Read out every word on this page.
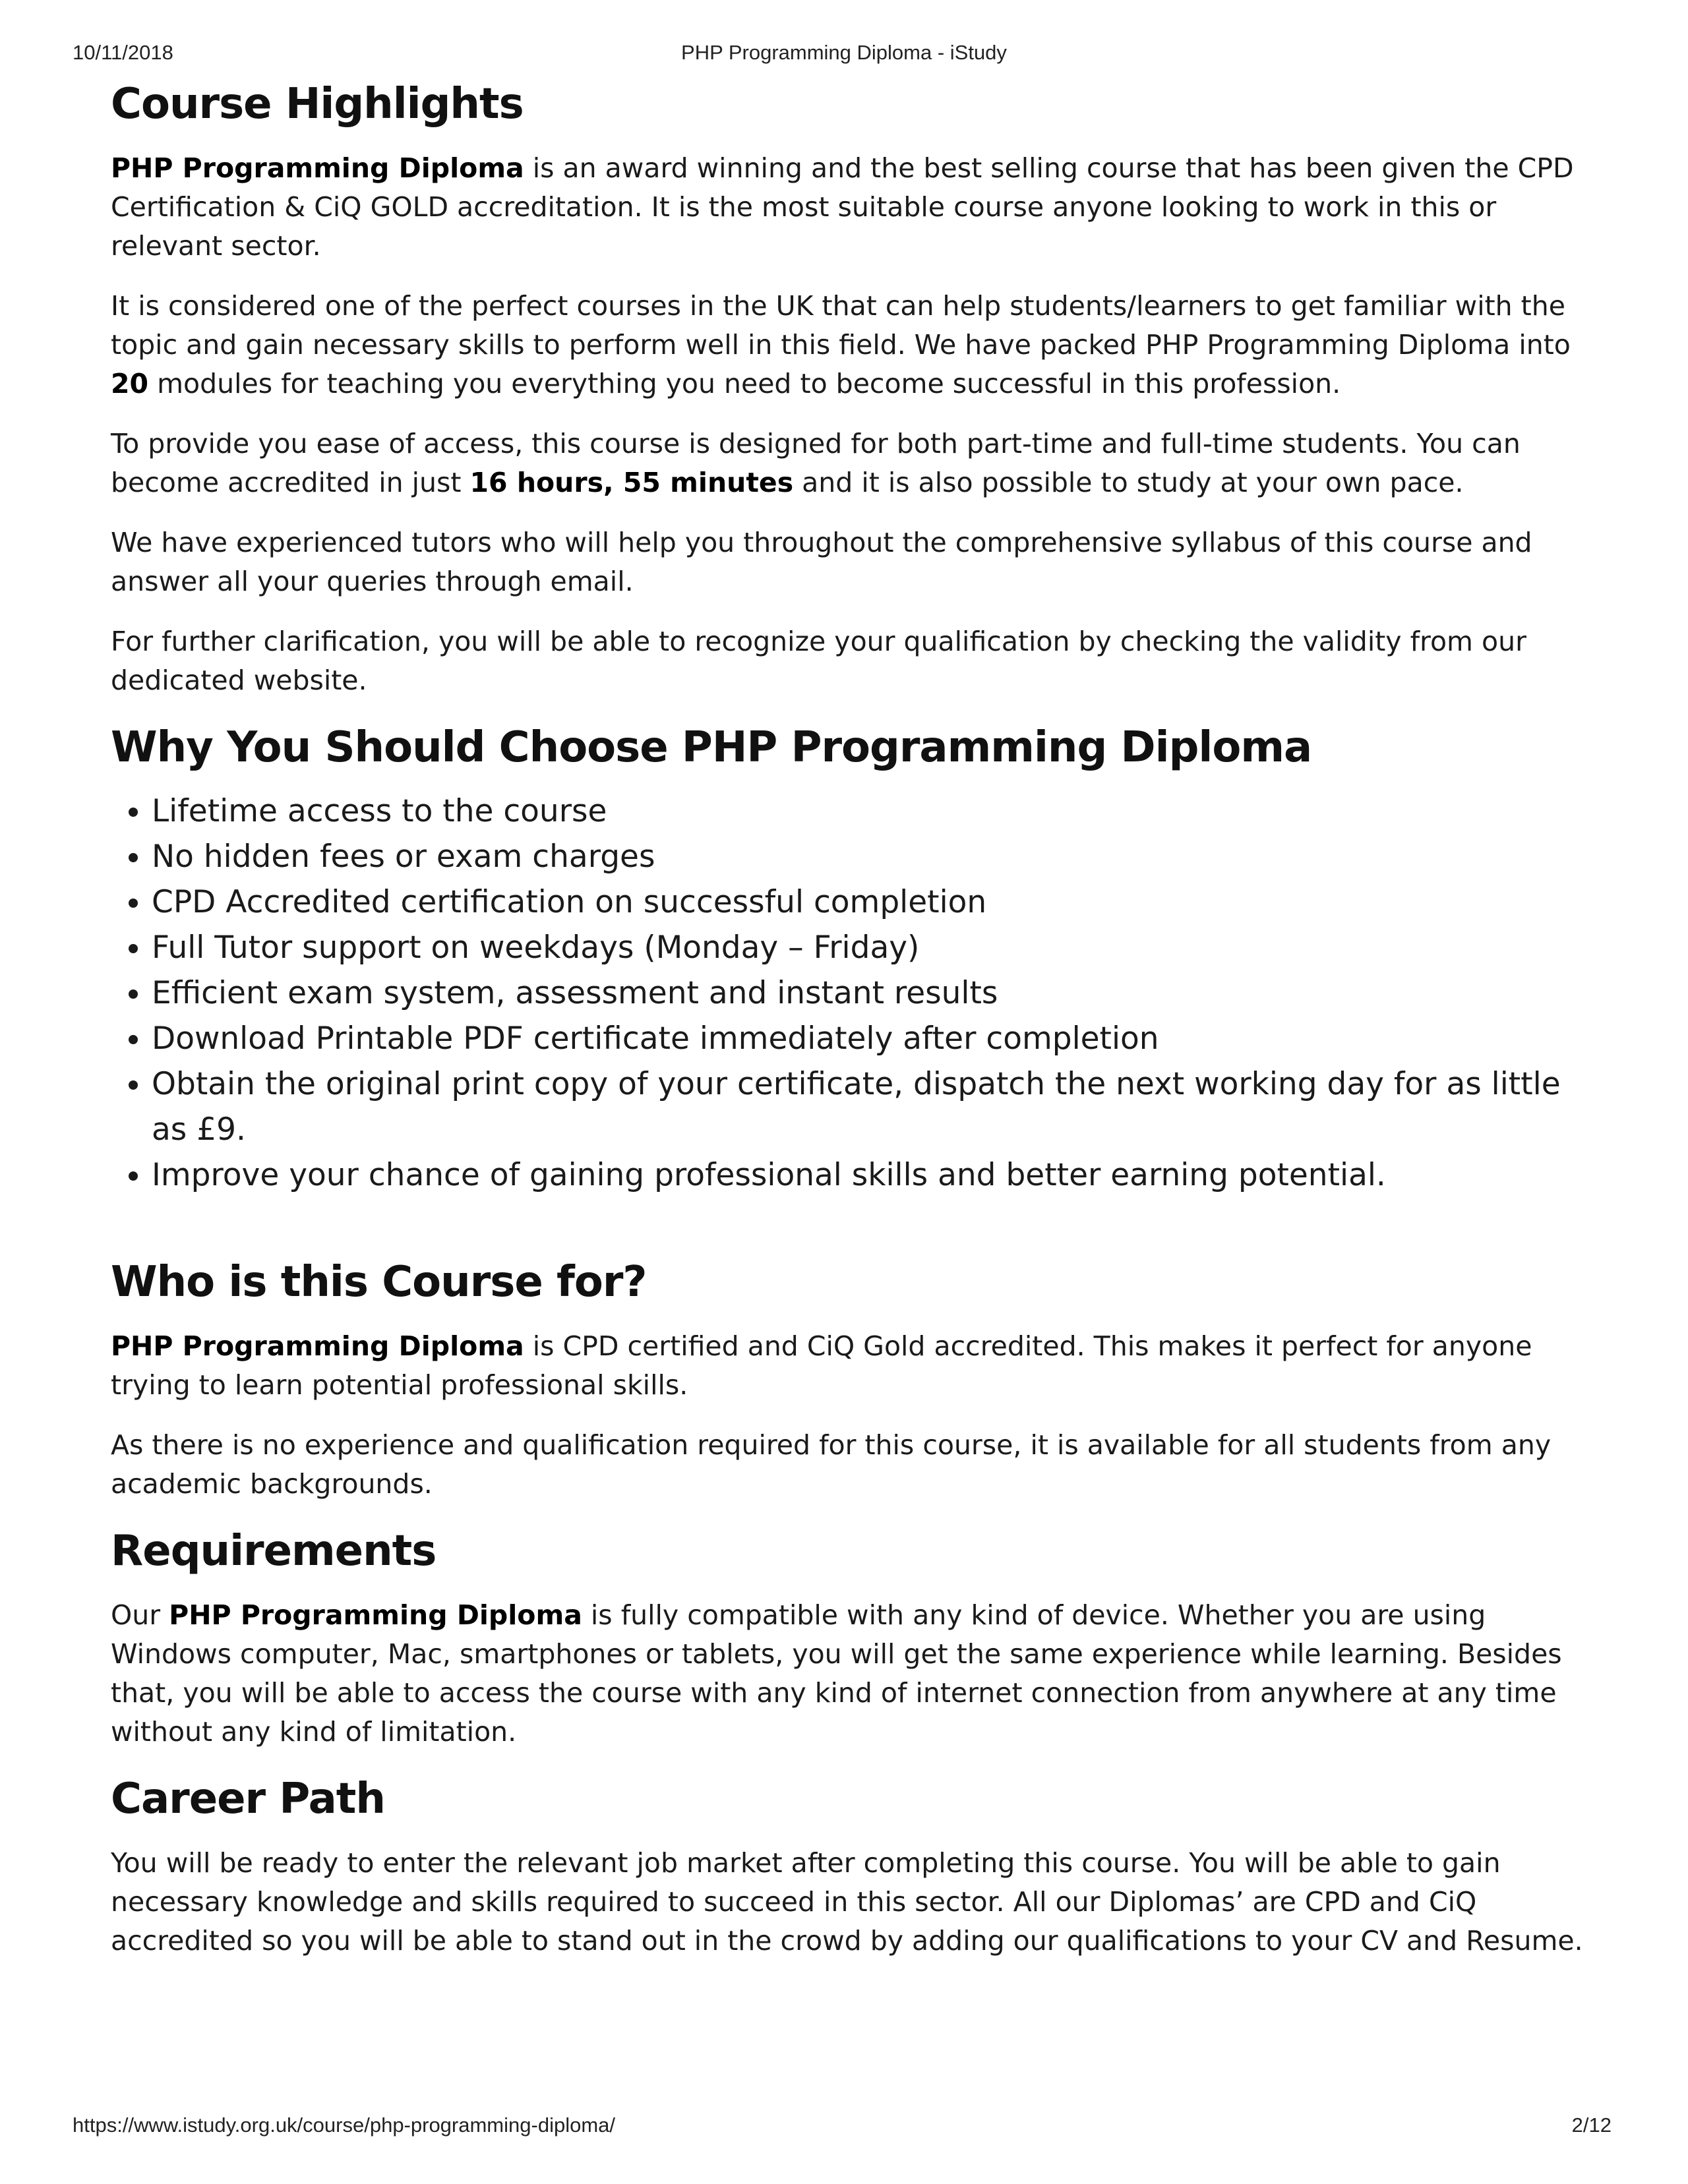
10/11/2018	PHP Programming Diploma - iStudy
Course Highlights

PHP Programming Diploma is an award winning and the best selling course that has been given the CPD Certification & CiQ GOLD accreditation. It is the most suitable course anyone looking to work in this or relevant sector.

It is considered one of the perfect courses in the UK that can help students/learners to get familiar with the topic and gain necessary skills to perform well in this field. We have packed PHP Programming Diploma into 20 modules for teaching you everything you need to become successful in this profession.

To provide you ease of access, this course is designed for both part-time and full-time students. You can become accredited in just 16 hours, 55 minutes and it is also possible to study at your own pace.

We have experienced tutors who will help you throughout the comprehensive syllabus of this course and answer all your queries through email.

For further clarification, you will be able to recognize your qualification by checking the validity from our dedicated website.

Why You Should Choose PHP Programming Diploma
• Lifetime access to the course
• No hidden fees or exam charges
• CPD Accredited certification on successful completion
• Full Tutor support on weekdays (Monday – Friday)
• Efficient exam system, assessment and instant results
• Download Printable PDF certificate immediately after completion
• Obtain the original print copy of your certificate, dispatch the next working day for as little as £9.
• Improve your chance of gaining professional skills and better earning potential.
Who is this Course for?

PHP Programming Diploma is CPD certified and CiQ Gold accredited. This makes it perfect for anyone trying to learn potential professional skills.

As there is no experience and qualification required for this course, it is available for all students from any academic backgrounds.

Requirements

Our PHP Programming Diploma is fully compatible with any kind of device. Whether you are using Windows computer, Mac, smartphones or tablets, you will get the same experience while learning. Besides that, you will be able to access the course with any kind of internet connection from anywhere at any time without any kind of limitation.

Career Path

You will be ready to enter the relevant job market after completing this course. You will be able to gain necessary knowledge and skills required to succeed in this sector. All our Diplomas’ are CPD and CiQ accredited so you will be able to stand out in the crowd by adding our qualifications to your CV and Resume.

https://www.istudy.org.uk/course/php-programming-diploma/	2/12
